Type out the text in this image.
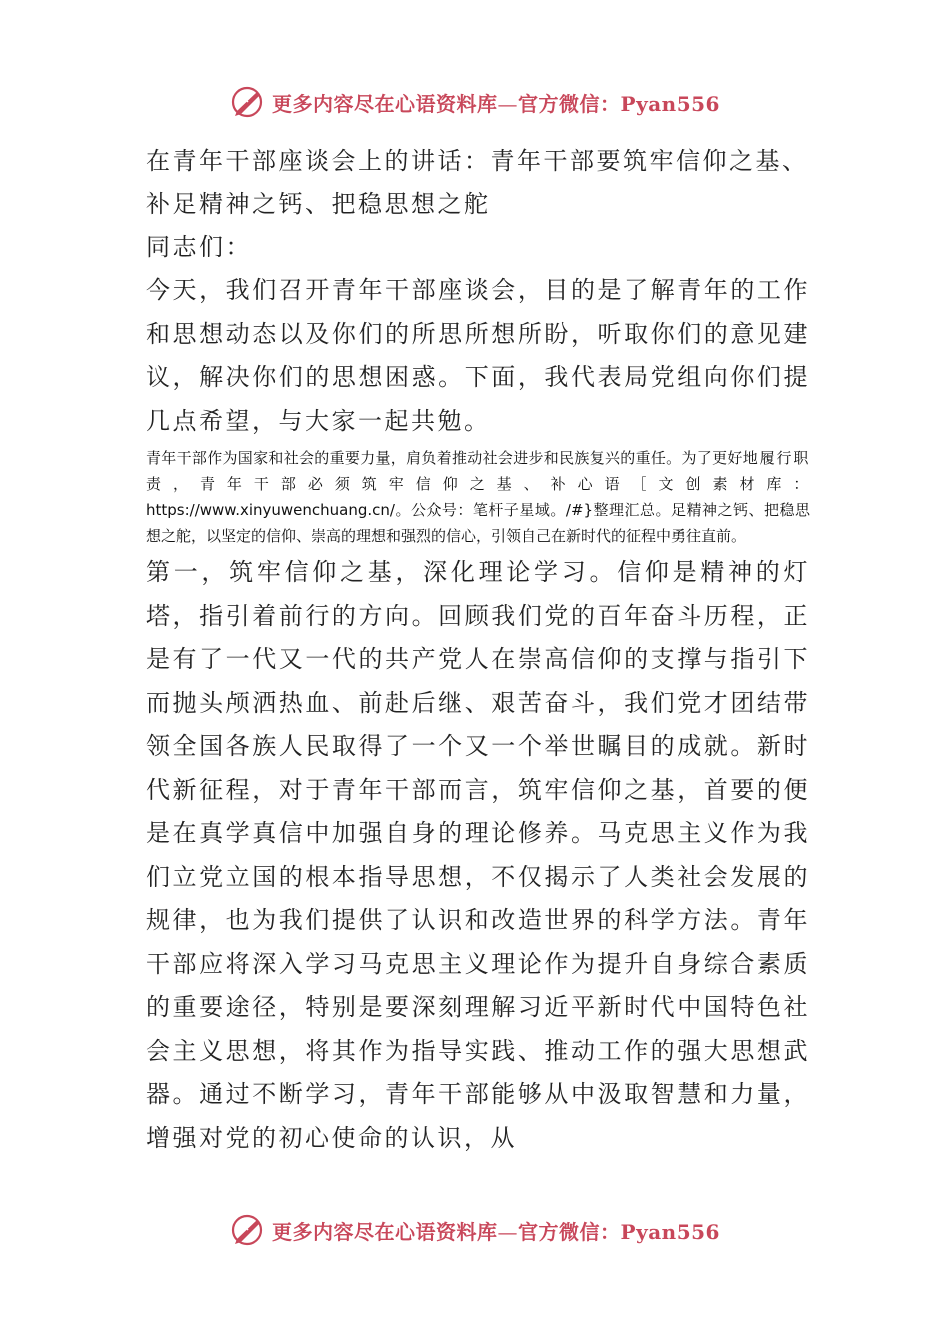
更多内容尽在心语资料库—官方微信：Pyan556

在青年干部座谈会上的讲话：青年干部要筑牢信仰之基、补足精神之钙、把稳思想之舵

同志们：

今天，我们召开青年干部座谈会，目的是了解青年的工作和思想动态以及你们的所思所想所盼，听取你们的意见建议，解决你们的思想困惑。下面，我代表局党组向你们提几点希望，与大家一起共勉。

青年干部作为国家和社会的重要力量，肩负着推动社会进步和民族复兴的重任。为了更好地履行职责，青年干部必须筑牢信仰之基、补心语［文创素材库： https://www.xinyuwenchuang.cn/。公众号：笔杆子星域。/#}整理汇总。足精神之钙、把稳思想之舵，以坚定的信仰、崇高的理想和强烈的信心，引领自己在新时代的征程中勇往直前。

第一，筑牢信仰之基，深化理论学习。信仰是精神的灯塔，指引着前行的方向。回顾我们党的百年奋斗历程，正是有了一代又一代的共产党人在崇高信仰的支撑与指引下而抛头颅洒热血、前赴后继、艰苦奋斗，我们党才团结带领全国各族人民取得了一个又一个举世瞩目的成就。新时代新征程，对于青年干部而言，筑牢信仰之基，首要的便是在真学真信中加强自身的理论修养。马克思主义作为我们立党立国的根本指导思想，不仅揭示了人类社会发展的规律，也为我们提供了认识和改造世界的科学方法。青年干部应将深入学习马克思主义理论作为提升自身综合素质的重要途径，特别是要深刻理解习近平新时代中国特色社会主义思想，将其作为指导实践、推动工作的强大思想武器。通过不断学习，青年干部能够从中汲取智慧和力量，增强对党的初心使命的认识，从

更多内容尽在心语资料库—官方微信：Pyan556
